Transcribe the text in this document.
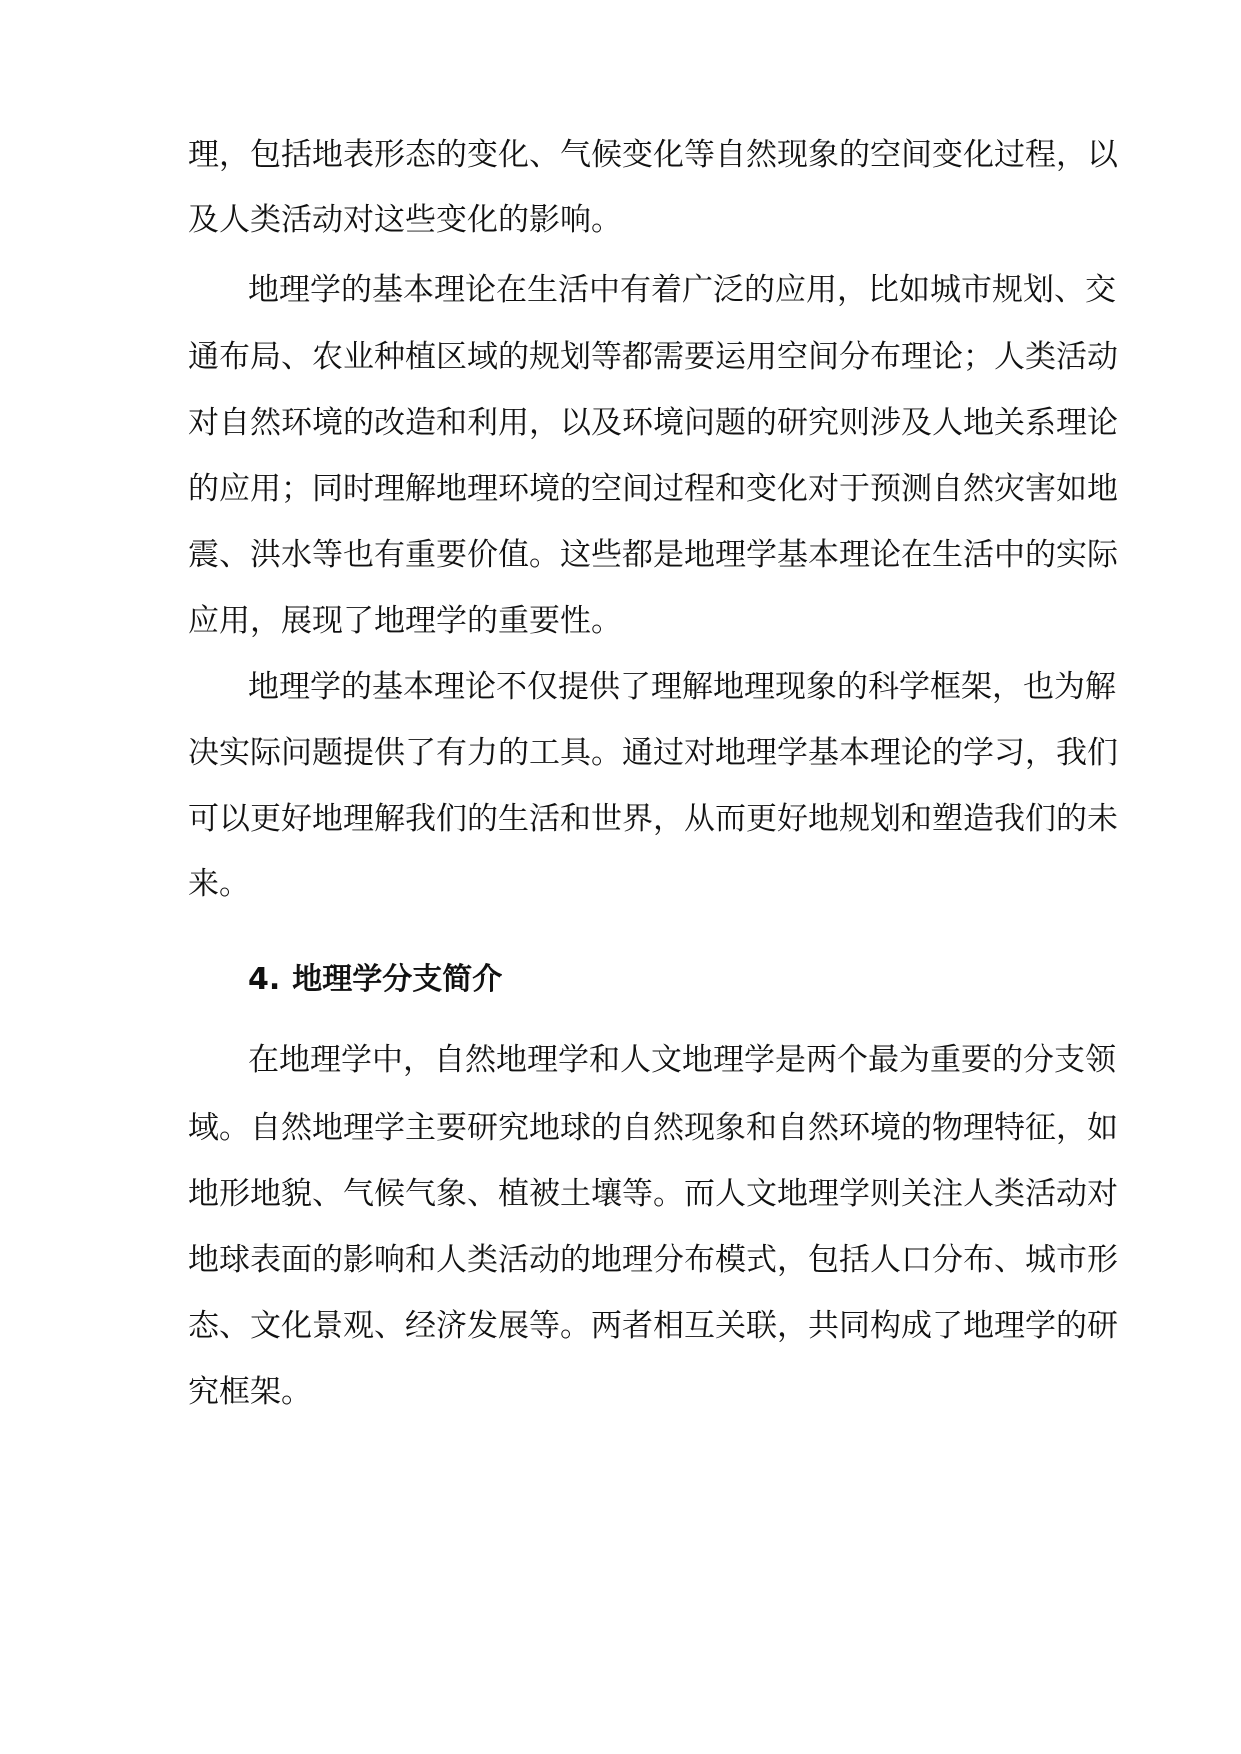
理，包括地表形态的变化、气候变化等自然现象的空间变化过程，以

及人类活动对这些变化的影响。

地理学的基本理论在生活中有着广泛的应用，比如城市规划、交

通布局、农业种植区域的规划等都需要运用空间分布理论；人类活动

对自然环境的改造和利用，以及环境问题的研究则涉及人地关系理论

的应用；同时理解地理环境的空间过程和变化对于预测自然灾害如地

震、洪水等也有重要价值。这些都是地理学基本理论在生活中的实际

应用，展现了地理学的重要性。

地理学的基本理论不仅提供了理解地理现象的科学框架，也为解

决实际问题提供了有力的工具。通过对地理学基本理论的学习，我们

可以更好地理解我们的生活和世界，从而更好地规划和塑造我们的未

来。

4. 地理学分支简介

在地理学中，自然地理学和人文地理学是两个最为重要的分支领

域。自然地理学主要研究地球的自然现象和自然环境的物理特征，如

地形地貌、气候气象、植被土壤等。而人文地理学则关注人类活动对

地球表面的影响和人类活动的地理分布模式，包括人口分布、城市形

态、文化景观、经济发展等。两者相互关联，共同构成了地理学的研

究框架。
